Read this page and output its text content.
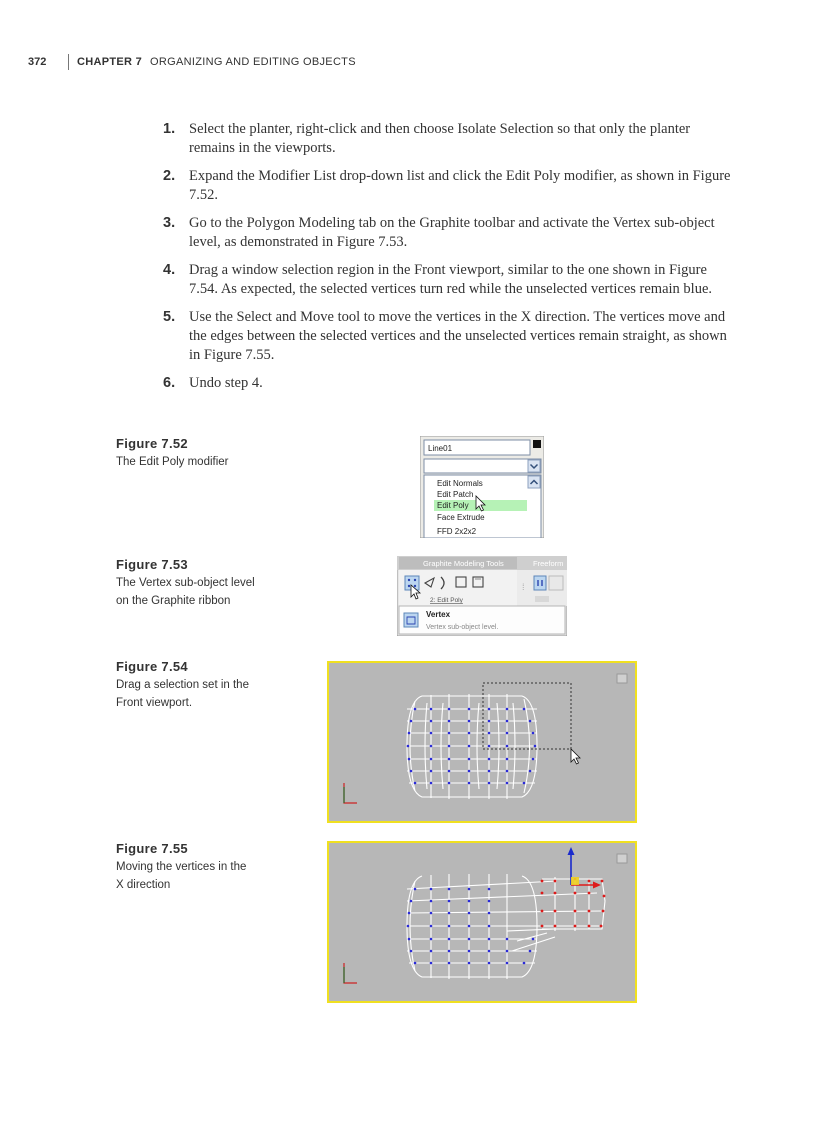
372	CHAPTER 7 ORGANIZING AND EDITING OBJECTS
1. Select the planter, right-click and then choose Isolate Selection so that only the planter remains in the viewports.
2. Expand the Modifier List drop-down list and click the Edit Poly modifier, as shown in Figure 7.52.
3. Go to the Polygon Modeling tab on the Graphite toolbar and activate the Vertex sub-object level, as demonstrated in Figure 7.53.
4. Drag a window selection region in the Front viewport, similar to the one shown in Figure 7.54. As expected, the selected vertices turn red while the unselected vertices remain blue.
5. Use the Select and Move tool to move the vertices in the X direction. The vertices move and the edges between the selected vertices and the unselected vertices remain straight, as shown in Figure 7.55.
6. Undo step 4.
Figure 7.52
The Edit Poly modifier
Figure 7.53
The Vertex sub-object level on the Graphite ribbon
Figure 7.54
Drag a selection set in the Front viewport.
Figure 7.55
Moving the vertices in the X direction
Line01
Edit Normals
Edit Patch
Edit Poly
Face Extrude
FFD 2x2x2
Graphite Modeling Tools	Freeform
2: Edit Poly
⁞
Vertex
Vertex sub-object level.
